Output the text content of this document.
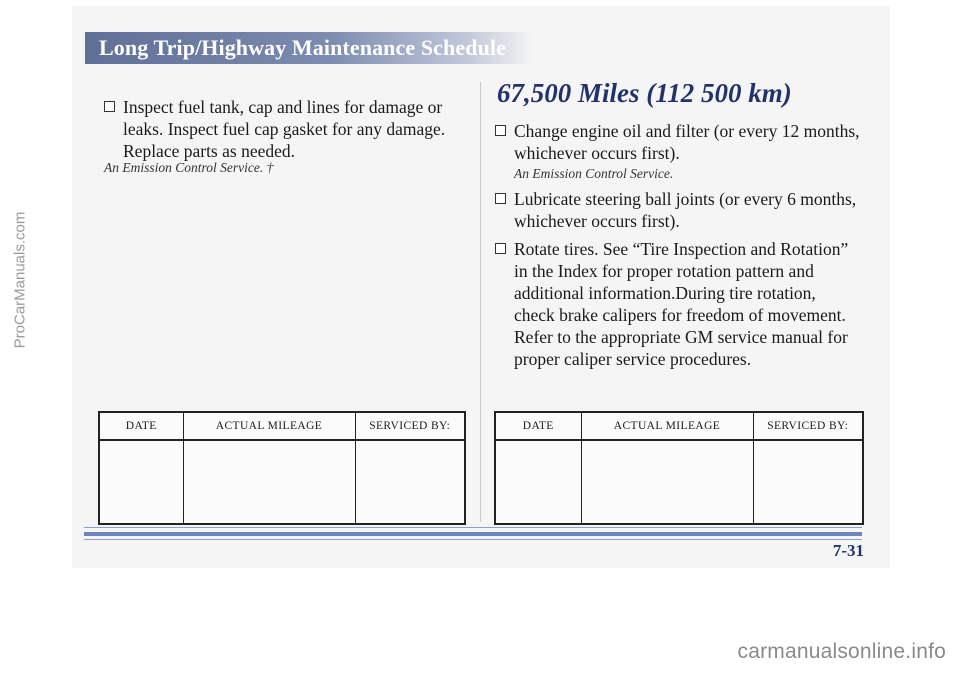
Long Trip/Highway Maintenance Schedule
ProCarManuals.com
Inspect fuel tank, cap and lines for damage or leaks. Inspect fuel cap gasket for any damage. Replace parts as needed.
An Emission Control Service. †
DATE	ACTUAL MILEAGE	SERVICED BY:

67,500 Miles (112 500 km)
Change engine oil and filter (or every 12 months, whichever occurs first).
An Emission Control Service.
Lubricate steering ball joints (or every 6 months, whichever occurs first).
Rotate tires. See “Tire Inspection and Rotation” in the Index for proper rotation pattern and additional information.During tire rotation, check brake calipers for freedom of movement. Refer to the appropriate GM service manual for proper caliper service procedures.
DATE	ACTUAL MILEAGE	SERVICED BY:

7-31
carmanualsonline.info
